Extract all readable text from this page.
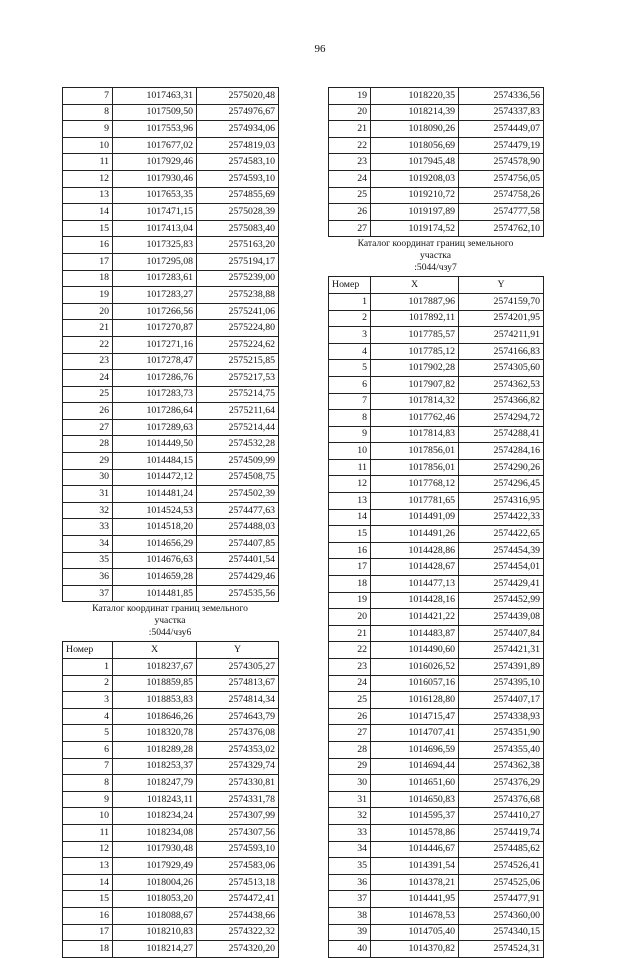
96
7	1017463,31	2575020,48
8	1017509,50	2574976,67
9	1017553,96	2574934,06
10	1017677,02	2574819,03
11	1017929,46	2574583,10
12	1017930,46	2574593,10
13	1017653,35	2574855,69
14	1017471,15	2575028,39
15	1017413,04	2575083,40
16	1017325,83	2575163,20
17	1017295,08	2575194,17
18	1017283,61	2575239,00
19	1017283,27	2575238,88
20	1017266,56	2575241,06
21	1017270,87	2575224,80
22	1017271,16	2575224,62
23	1017278,47	2575215,85
24	1017286,76	2575217,53
25	1017283,73	2575214,75
26	1017286,64	2575211,64
27	1017289,63	2575214,44
28	1014449,50	2574532,28
29	1014484,15	2574509,99
30	1014472,12	2574508,75
31	1014481,24	2574502,39
32	1014524,53	2574477,63
33	1014518,20	2574488,03
34	1014656,29	2574407,85
35	1014676,63	2574401,54
36	1014659,28	2574429,46
37	1014481,85	2574535,56
Каталог координат границ земельного
участка
:5044/чзу6
Номер	X	Y
1	1018237,67	2574305,27
2	1018859,85	2574813,67
3	1018853,83	2574814,34
4	1018646,26	2574643,79
5	1018320,78	2574376,08
6	1018289,28	2574353,02
7	1018253,37	2574329,74
8	1018247,79	2574330,81
9	1018243,11	2574331,78
10	1018234,24	2574307,99
11	1018234,08	2574307,56
12	1017930,48	2574593,10
13	1017929,49	2574583,06
14	1018004,26	2574513,18
15	1018053,20	2574472,41
16	1018088,67	2574438,66
17	1018210,83	2574322,32
18	1018214,27	2574320,20
19	1018220,35	2574336,56
20	1018214,39	2574337,83
21	1018090,26	2574449,07
22	1018056,69	2574479,19
23	1017945,48	2574578,90
24	1019208,03	2574756,05
25	1019210,72	2574758,26
26	1019197,89	2574777,58
27	1019174,52	2574762,10
Каталог координат границ земельного
участка
:5044/чзу7
Номер	X	Y
1	1017887,96	2574159,70
2	1017892,11	2574201,95
3	1017785,57	2574211,91
4	1017785,12	2574166,83
5	1017902,28	2574305,60
6	1017907,82	2574362,53
7	1017814,32	2574366,82
8	1017762,46	2574294,72
9	1017814,83	2574288,41
10	1017856,01	2574284,16
11	1017856,01	2574290,26
12	1017768,12	2574296,45
13	1017781,65	2574316,95
14	1014491,09	2574422,33
15	1014491,26	2574422,65
16	1014428,86	2574454,39
17	1014428,67	2574454,01
18	1014477,13	2574429,41
19	1014428,16	2574452,99
20	1014421,22	2574439,08
21	1014483,87	2574407,84
22	1014490,60	2574421,31
23	1016026,52	2574391,89
24	1016057,16	2574395,10
25	1016128,80	2574407,17
26	1014715,47	2574338,93
27	1014707,41	2574351,90
28	1014696,59	2574355,40
29	1014694,44	2574362,38
30	1014651,60	2574376,29
31	1014650,83	2574376,68
32	1014595,37	2574410,27
33	1014578,86	2574419,74
34	1014446,67	2574485,62
35	1014391,54	2574526,41
36	1014378,21	2574525,06
37	1014441,95	2574477,91
38	1014678,53	2574360,00
39	1014705,40	2574340,15
40	1014370,82	2574524,31
